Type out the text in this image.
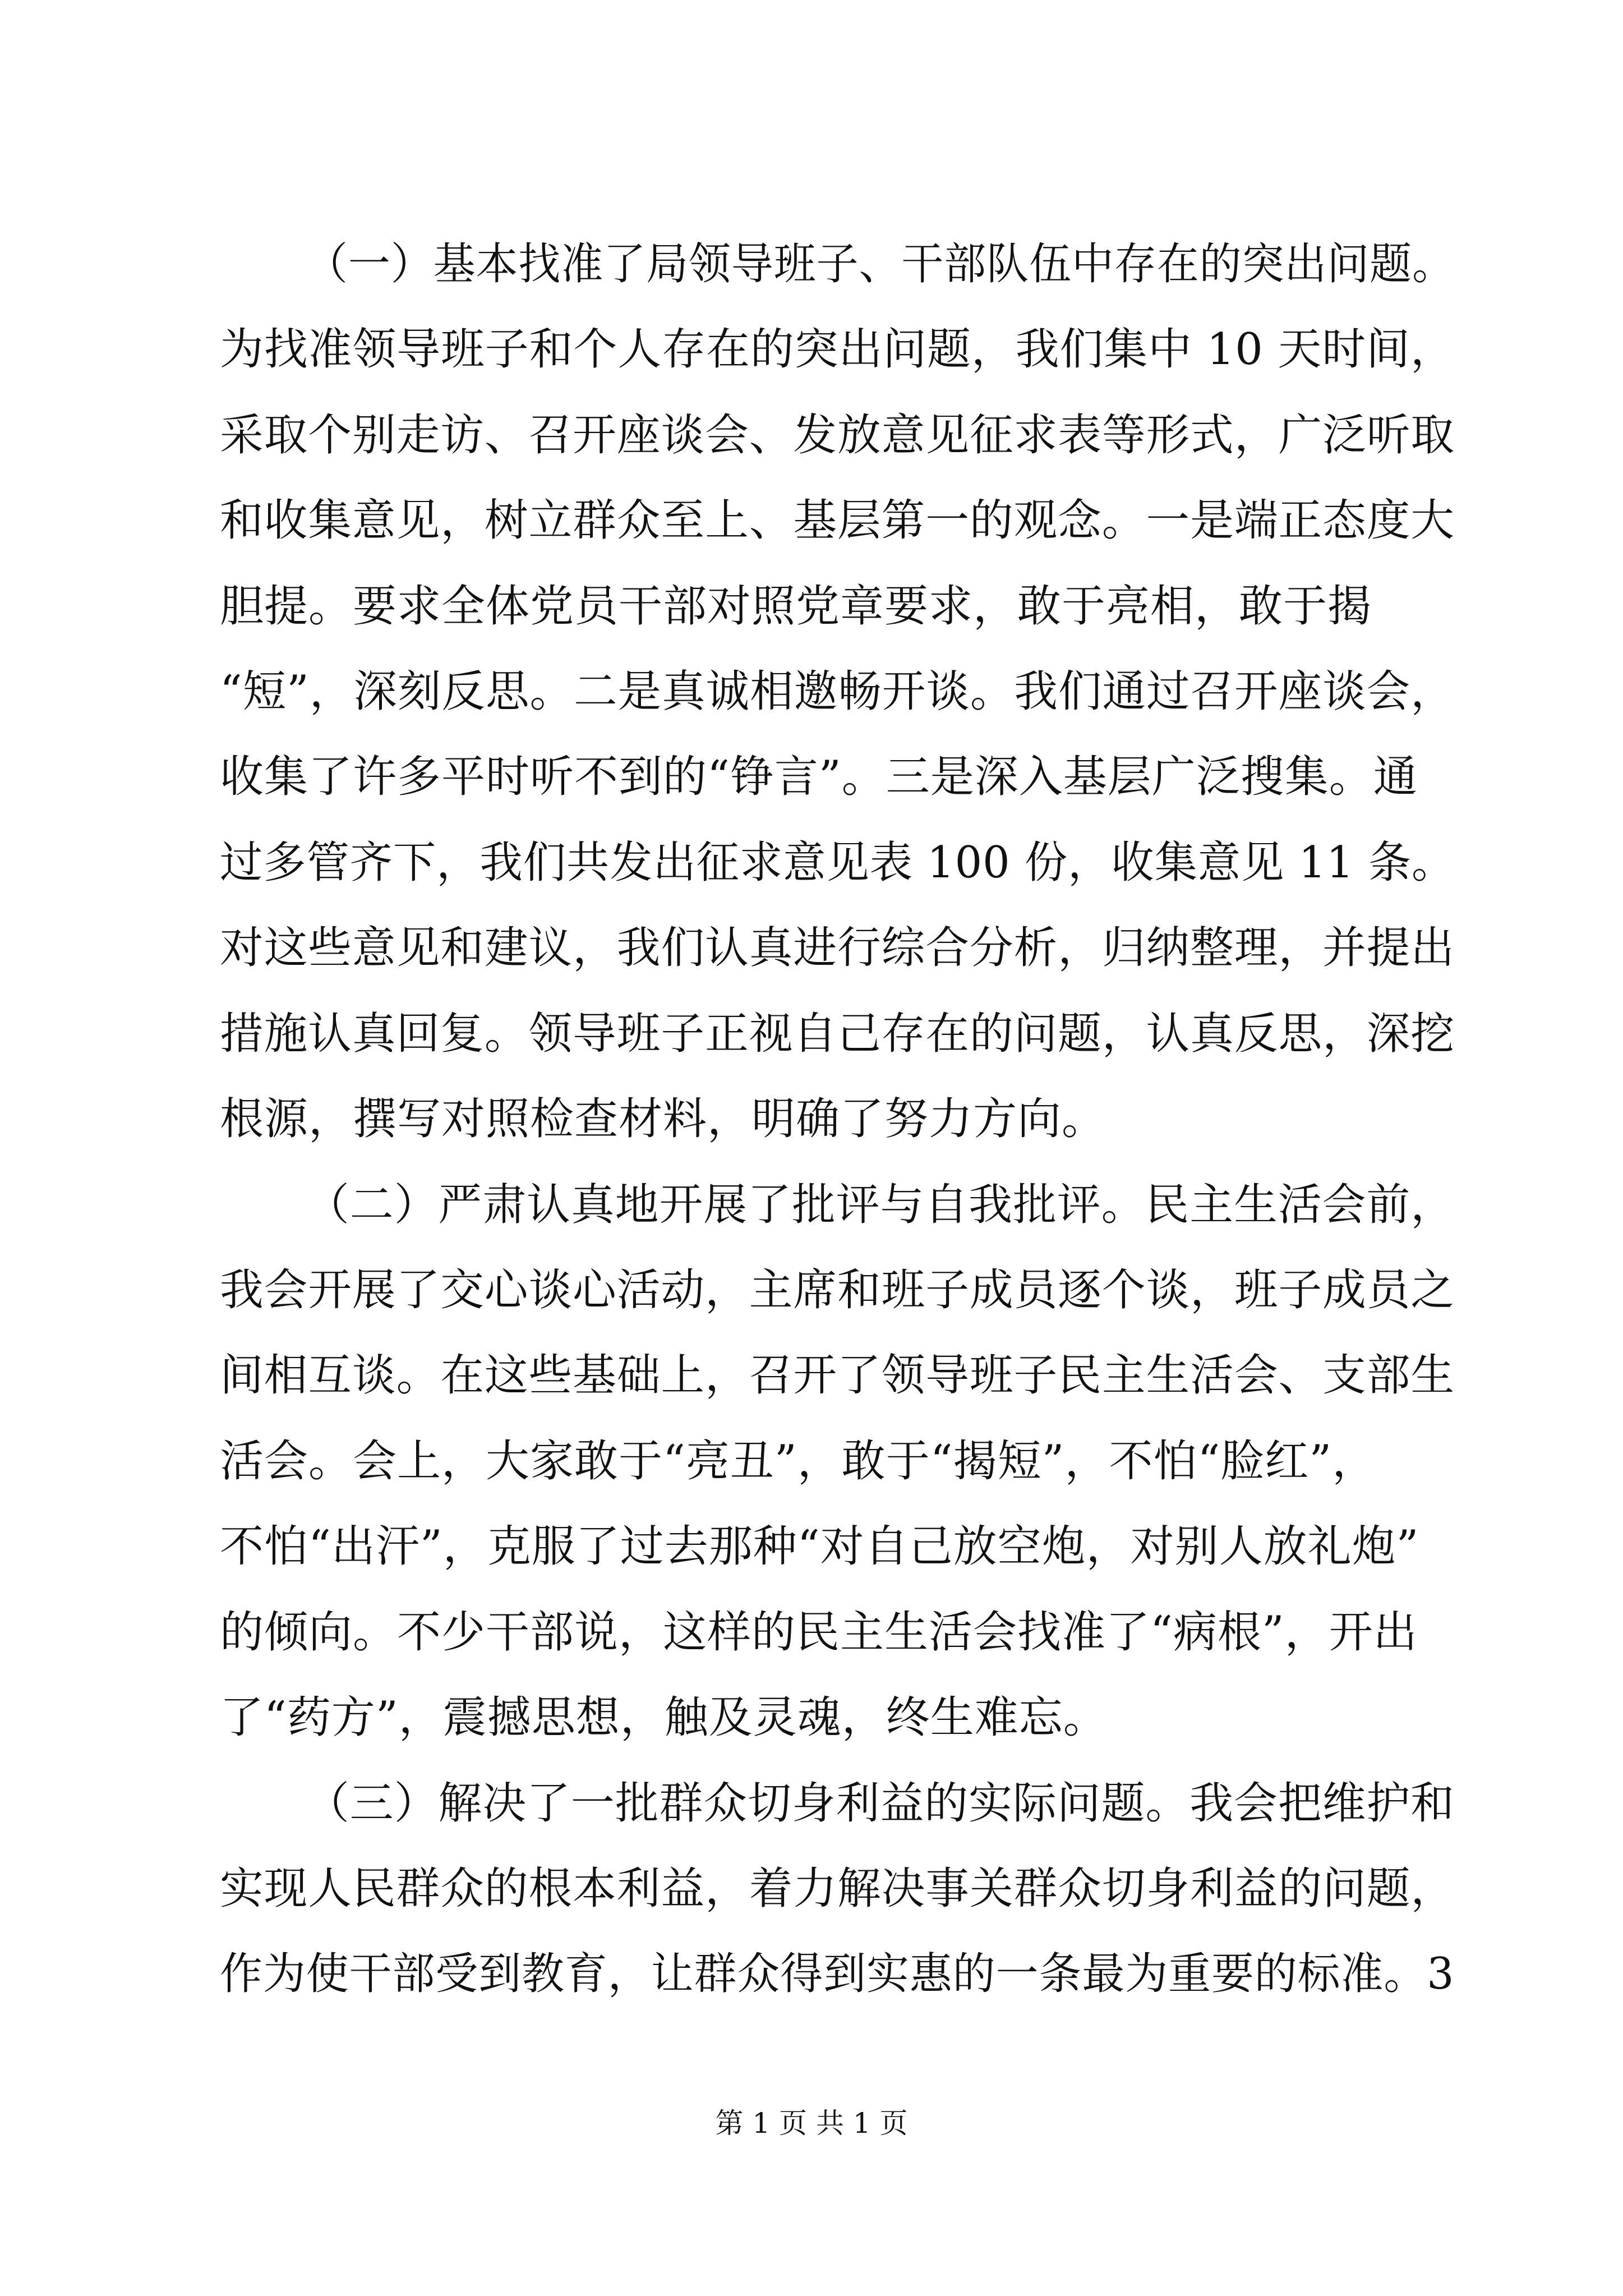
（一）基本找准了局领导班子、干部队伍中存在的突出问题。
为找准领导班子和个人存在的突出问题，我们集中 10 天时间，
采取个别走访、召开座谈会、发放意见征求表等形式，广泛听取
和收集意见，树立群众至上、基层第一的观念。一是端正态度大
胆提。要求全体党员干部对照党章要求，敢于亮相，敢于揭
“短”，深刻反思。二是真诚相邀畅开谈。我们通过召开座谈会，
收集了许多平时听不到的“铮言”。三是深入基层广泛搜集。通
过多管齐下，我们共发出征求意见表 100 份，收集意见 11 条。
对这些意见和建议，我们认真进行综合分析，归纳整理，并提出
措施认真回复。领导班子正视自己存在的问题，认真反思，深挖
根源，撰写对照检查材料，明确了努力方向。
（二）严肃认真地开展了批评与自我批评。民主生活会前，
我会开展了交心谈心活动，主席和班子成员逐个谈，班子成员之
间相互谈。在这些基础上，召开了领导班子民主生活会、支部生
活会。会上，大家敢于“亮丑”，敢于“揭短”，不怕“脸红”，
不怕“出汗”，克服了过去那种“对自己放空炮，对别人放礼炮”
的倾向。不少干部说，这样的民主生活会找准了“病根”，开出
了“药方”，震撼思想，触及灵魂，终生难忘。
（三）解决了一批群众切身利益的实际问题。我会把维护和
实现人民群众的根本利益，着力解决事关群众切身利益的问题，
作为使干部受到教育，让群众得到实惠的一条最为重要的标准。3
第 1 页 共 1 页
